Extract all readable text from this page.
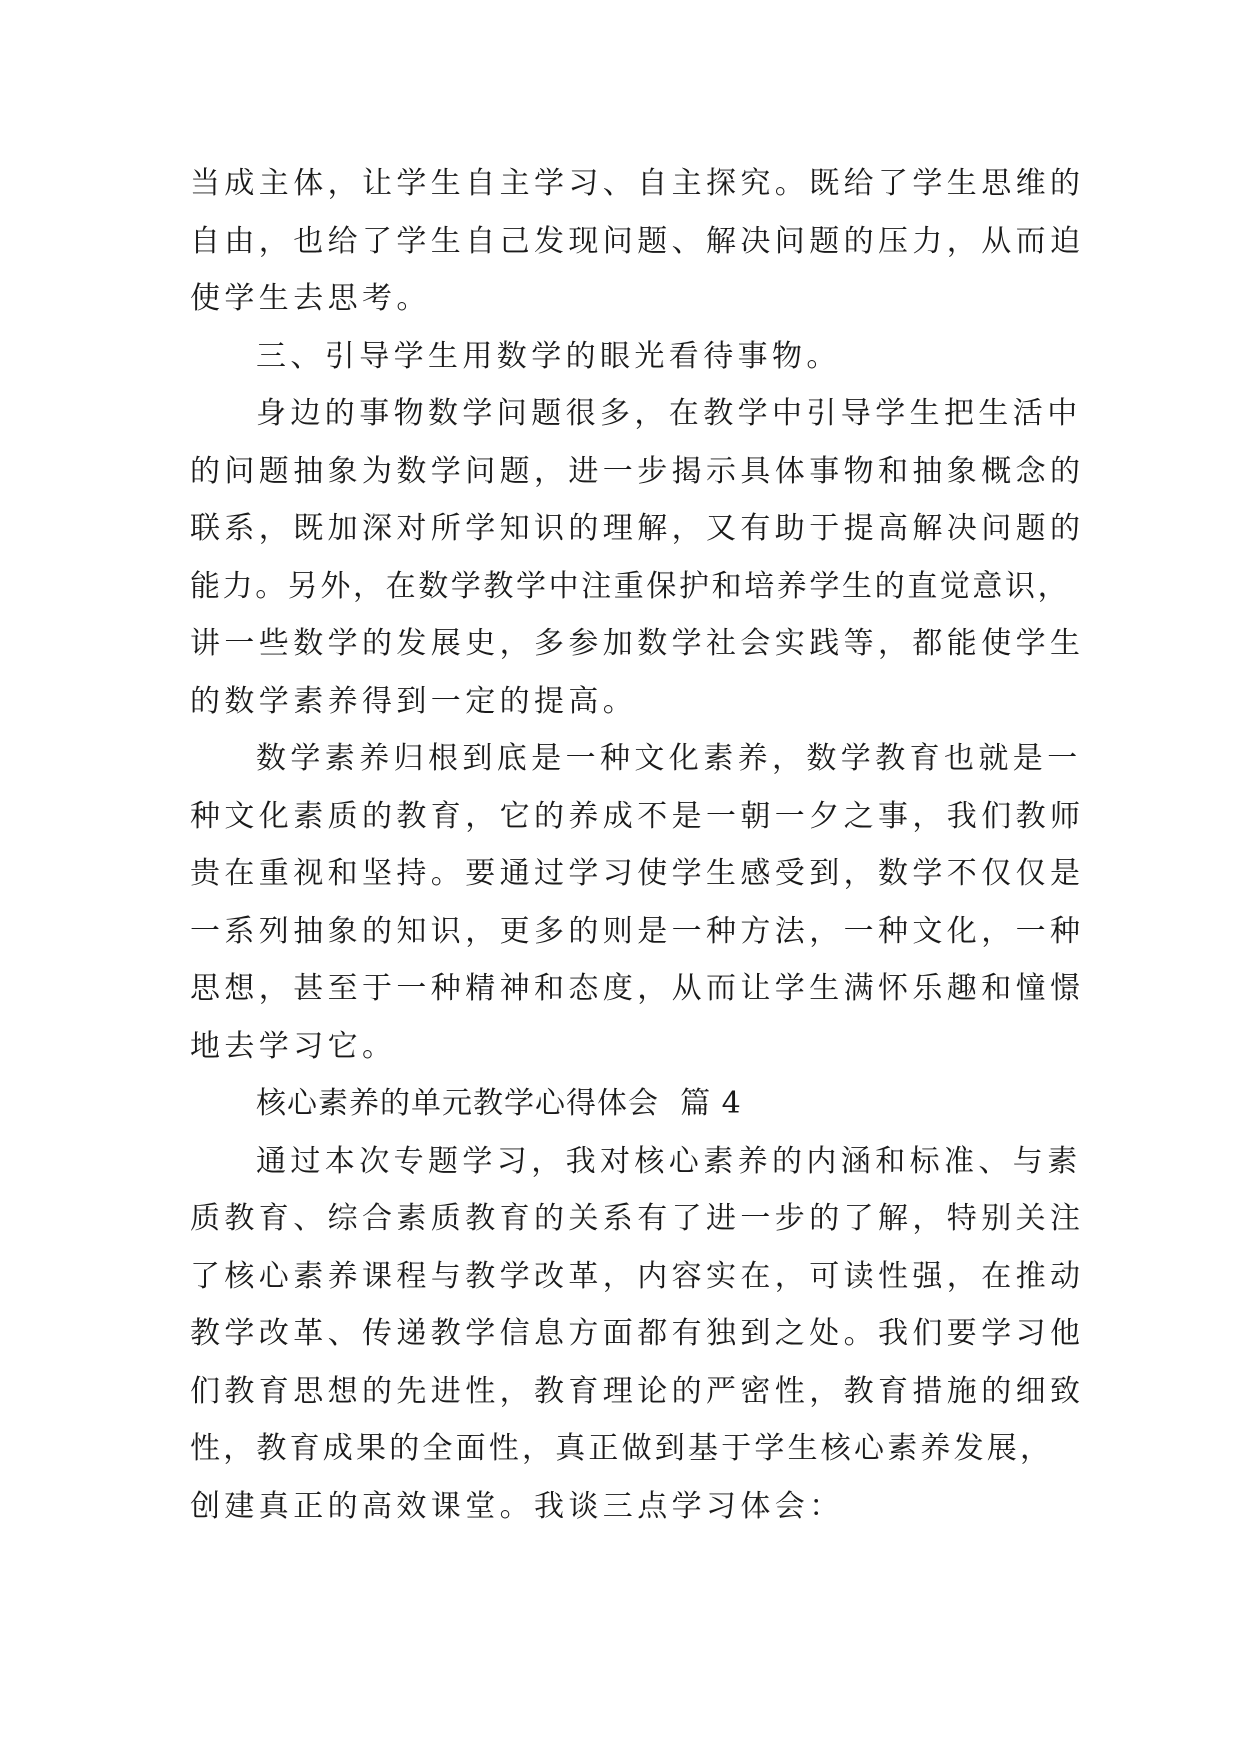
当成主体，让学生自主学习、自主探究。既给了学生思维的
自由，也给了学生自己发现问题、解决问题的压力，从而迫
使学生去思考。
三、引导学生用数学的眼光看待事物。
身边的事物数学问题很多，在教学中引导学生把生活中
的问题抽象为数学问题，进一步揭示具体事物和抽象概念的
联系，既加深对所学知识的理解，又有助于提高解决问题的
能力。另外，在数学教学中注重保护和培养学生的直觉意识，
讲一些数学的发展史，多参加数学社会实践等，都能使学生
的数学素养得到一定的提高。
数学素养归根到底是一种文化素养，数学教育也就是一
种文化素质的教育，它的养成不是一朝一夕之事，我们教师
贵在重视和坚持。要通过学习使学生感受到，数学不仅仅是
一系列抽象的知识，更多的则是一种方法，一种文化，一种
思想，甚至于一种精神和态度，从而让学生满怀乐趣和憧憬
地去学习它。
核心素养的单元教学心得体会  篇 4
通过本次专题学习，我对核心素养的内涵和标准、与素
质教育、综合素质教育的关系有了进一步的了解，特别关注
了核心素养课程与教学改革，内容实在，可读性强，在推动
教学改革、传递教学信息方面都有独到之处。我们要学习他
们教育思想的先进性，教育理论的严密性，教育措施的细致
性，教育成果的全面性，真正做到基于学生核心素养发展，
创建真正的高效课堂。我谈三点学习体会：
